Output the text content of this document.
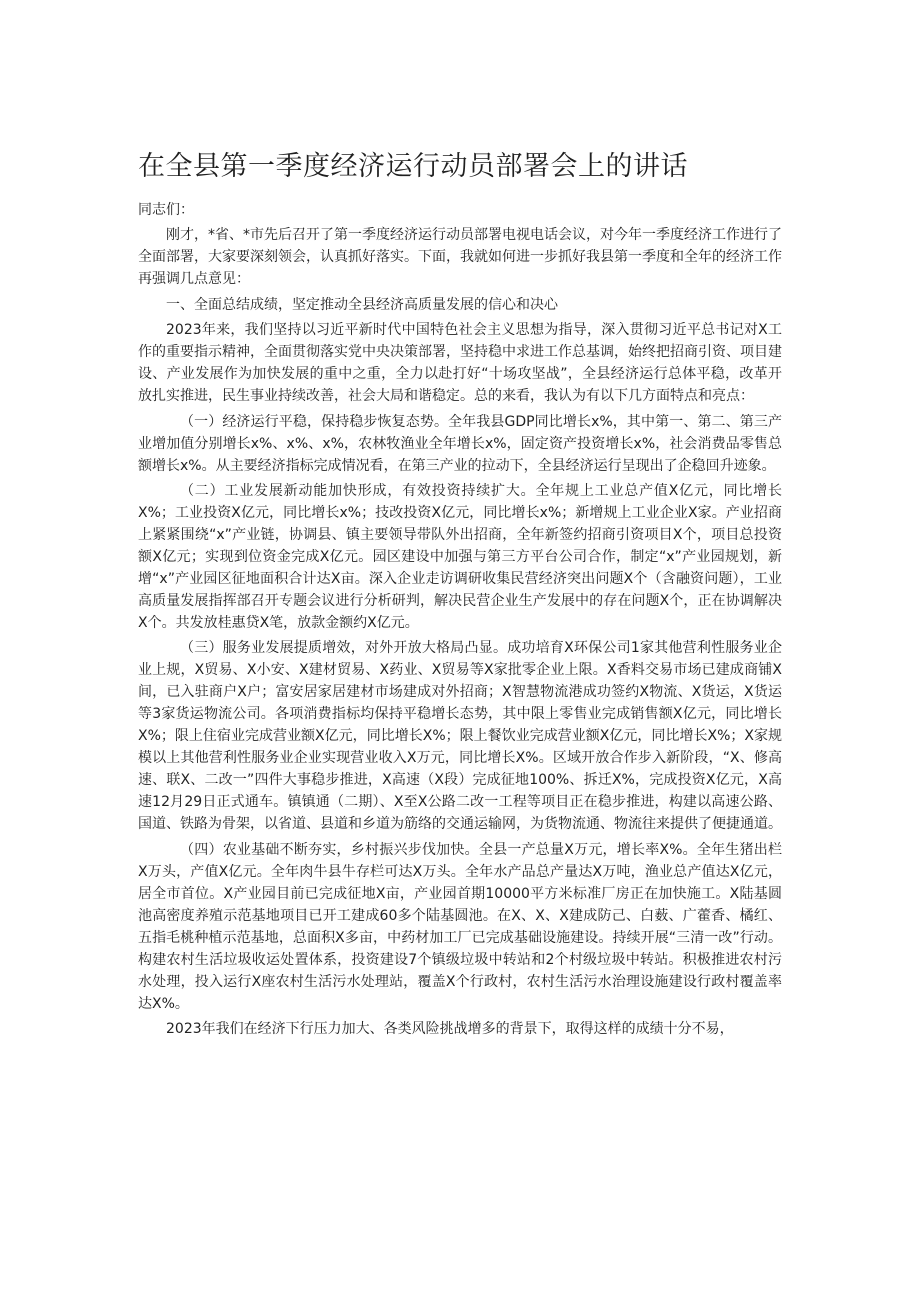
在全县第一季度经济运行动员部署会上的讲话

同志们：

刚才，*省、*市先后召开了第一季度经济运行动员部署电视电话会议，对今年一季度经济工作进行了全面部署，大家要深刻领会，认真抓好落实。下面，我就如何进一步抓好我县第一季度和全年的经济工作再强调几点意见：

一、全面总结成绩，坚定推动全县经济高质量发展的信心和决心

2023年来，我们坚持以习近平新时代中国特色社会主义思想为指导，深入贯彻习近平总书记对X工作的重要指示精神，全面贯彻落实党中央决策部署，坚持稳中求进工作总基调，始终把招商引资、项目建设、产业发展作为加快发展的重中之重，全力以赴打好“十场攻坚战”，全县经济运行总体平稳，改革开放扎实推进，民生事业持续改善，社会大局和谐稳定。总的来看，我认为有以下几方面特点和亮点：

（一）经济运行平稳，保持稳步恢复态势。全年我县GDP同比增长x%，其中第一、第二、第三产业增加值分别增长x%、x%、x%，农林牧渔业全年增长x%，固定资产投资增长x%，社会消费品零售总额增长x%。从主要经济指标完成情况看，在第三产业的拉动下，全县经济运行呈现出了企稳回升迹象。

（二）工业发展新动能加快形成，有效投资持续扩大。全年规上工业总产值X亿元，同比增长X%；工业投资X亿元，同比增长x%；技改投资X亿元，同比增长x%；新增规上工业企业X家。产业招商上紧紧围绕“x”产业链，协调县、镇主要领导带队外出招商，全年新签约招商引资项目X个，项目总投资额X亿元；实现到位资金完成X亿元。园区建设中加强与第三方平台公司合作，制定“x”产业园规划，新增“x”产业园区征地面积合计达X亩。深入企业走访调研收集民营经济突出问题X个（含融资问题），工业高质量发展指挥部召开专题会议进行分析研判，解决民营企业生产发展中的存在问题X个，正在协调解决X个。共发放桂惠贷X笔，放款金额约X亿元。

（三）服务业发展提质增效，对外开放大格局凸显。成功培育X环保公司1家其他营利性服务业企业上规，X贸易、X小安、X建材贸易、X药业、X贸易等X家批零企业上限。X香料交易市场已建成商铺X间，已入驻商户X户；富安居家居建材市场建成对外招商；X智慧物流港成功签约X物流、X货运，X货运等3家货运物流公司。各项消费指标均保持平稳增长态势，其中限上零售业完成销售额X亿元，同比增长X%；限上住宿业完成营业额X亿元，同比增长X%；限上餐饮业完成营业额X亿元，同比增长X%；X家规模以上其他营利性服务业企业实现营业收入X万元，同比增长X%。区域开放合作步入新阶段，“X、修高速、联X、二改一”四件大事稳步推进，X高速（X段）完成征地100%、拆迁X%，完成投资X亿元，X高速12月29日正式通车。镇镇通（二期）、X至X公路二改一工程等项目正在稳步推进，构建以高速公路、国道、铁路为骨架，以省道、县道和乡道为筋络的交通运输网，为货物流通、物流往来提供了便捷通道。

（四）农业基础不断夯实，乡村振兴步伐加快。全县一产总量X万元，增长率X%。全年生猪出栏X万头，产值X亿元。全年肉牛县牛存栏可达X万头。全年水产品总产量达X万吨，渔业总产值达X亿元，居全市首位。X产业园目前已完成征地X亩，产业园首期10000平方米标准厂房正在加快施工。X陆基圆池高密度养殖示范基地项目已开工建成60多个陆基圆池。在X、X、X建成防己、白薮、广藿香、橘红、五指毛桃种植示范基地，总面积X多亩，中药材加工厂已完成基础设施建设。持续开展“三清一改”行动。构建农村生活垃圾收运处置体系，投资建设7个镇级垃圾中转站和2个村级垃圾中转站。积极推进农村污水处理，投入运行X座农村生活污水处理站，覆盖X个行政村，农村生活污水治理设施建设行政村覆盖率达X%。

2023年我们在经济下行压力加大、各类风险挑战增多的背景下，取得这样的成绩十分不易，
